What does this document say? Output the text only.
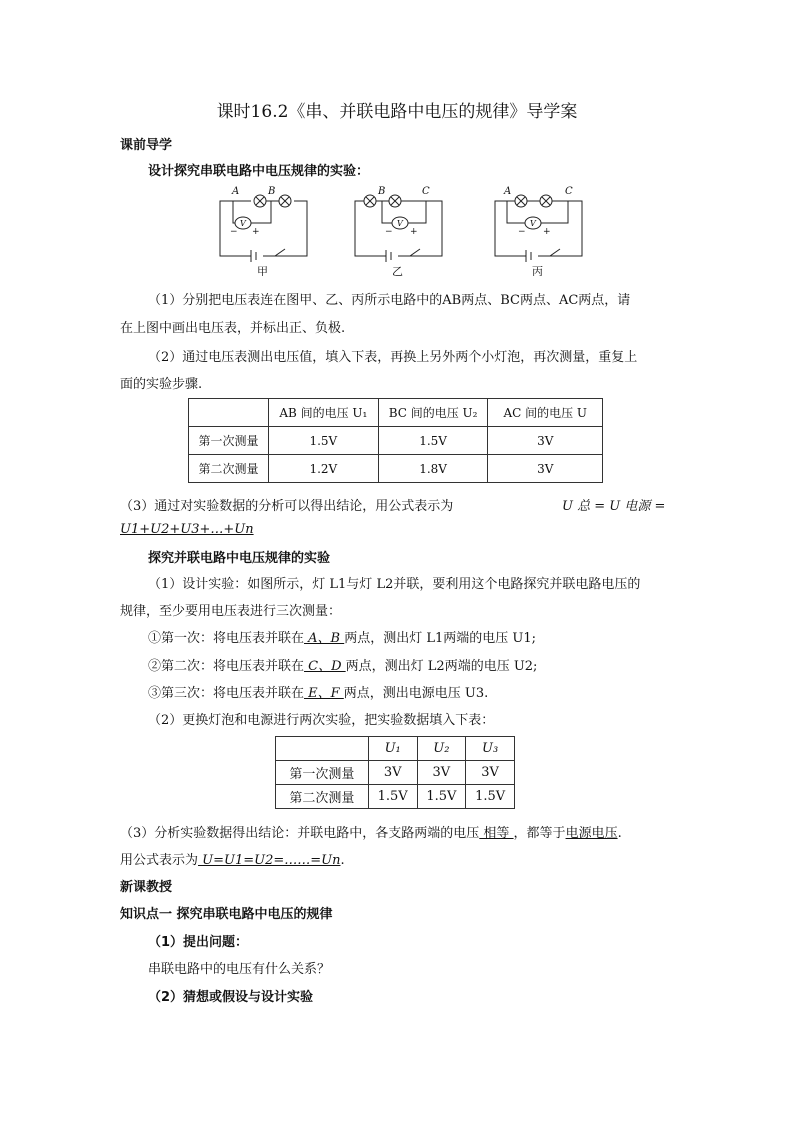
课时16.2《串、并联电路中电压的规律》导学案
课前导学
设计探究串联电路中电压规律的实验：
A	B
V
− +
甲
B	C
V
− +
乙
A	C
V
− +
丙
（1）分别把电压表连在图甲、乙、丙所示电路中的AB两点、BC两点、AC两点，请
在上图中画出电压表，并标出正、负极.
（2）通过电压表测出电压值，填入下表，再换上另外两个小灯泡，再次测量，重复上
面的实验步骤.
	AB 间的电压 U₁	BC 间的电压 U₂	AC 间的电压 U
第一次测量	1.5V	1.5V	3V
第二次测量	1.2V	1.8V	3V
（3）通过对实验数据的分析可以得出结论，用公式表示为	U 总 = U 电源 =
U1+U2+U3+…+Un
探究并联电路中电压规律的实验
（1）设计实验：如图所示，灯 L1与灯 L2并联，要利用这个电路探究并联电路电压的
规律，至少要用电压表进行三次测量：
①第一次：将电压表并联在 A、B 两点，测出灯 L1两端的电压 U1;
②第二次：将电压表并联在 C、D 两点，测出灯 L2两端的电压 U2;
③第三次：将电压表并联在 E、F 两点，测出电源电压 U3.
（2）更换灯泡和电源进行两次实验，把实验数据填入下表：
	U₁	U₂	U₃
第一次测量	3V	3V	3V
第二次测量	1.5V	1.5V	1.5V
（3）分析实验数据得出结论：并联电路中，各支路两端的电压 相等 ，都等于电源电压.
用公式表示为 U=U1=U2=……=Un.
新课教授
知识点一 探究串联电路中电压的规律
（1）提出问题：
串联电路中的电压有什么关系？
（2）猜想或假设与设计实验
